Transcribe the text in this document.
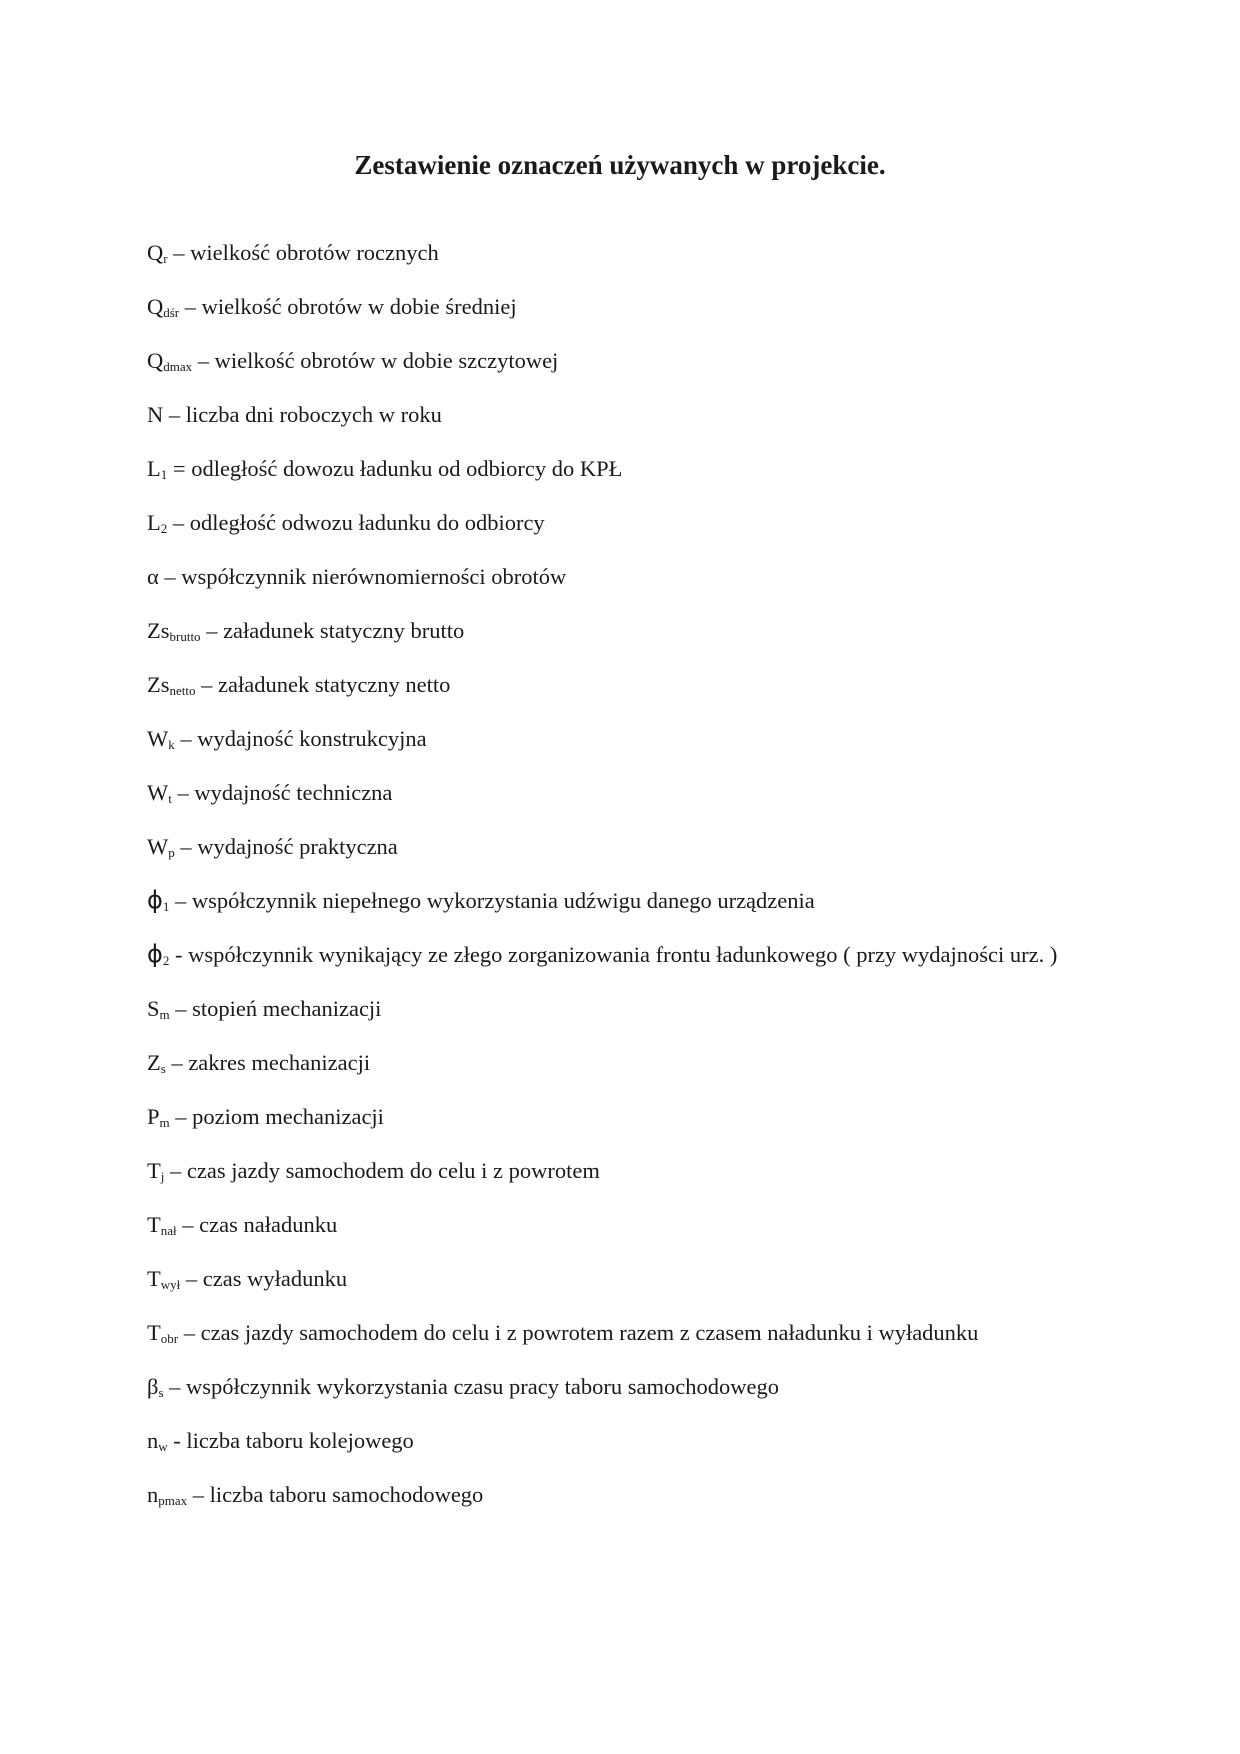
Zestawienie oznaczeń używanych w projekcie.
$Q_r$ – wielkość obrotów rocznych
$Q_{dśr}$ – wielkość obrotów w dobie średniej
$Q_{dmax}$ – wielkość obrotów w dobie szczytowej
N – liczba dni roboczych w roku
$L_1$ = odległość dowozu ładunku od odbiorcy do KPŁ
$L_2$ – odległość odwozu ładunku do odbiorcy
α – współczynnik nierównomierności obrotów
$Zs_{brutto}$ – załadunek statyczny brutto
$Zs_{netto}$ – załadunek statyczny netto
$W_k$ – wydajność konstrukcyjna
$W_t$ – wydajność techniczna
$W_p$ – wydajność praktyczna
$\phi_1$ – współczynnik niepełnego wykorzystania udźwigu danego urządzenia
$\phi_2$ - współczynnik wynikający ze złego zorganizowania frontu ładunkowego ( przy wydajności urz. )
$S_m$ – stopień mechanizacji
$Z_s$ – zakres mechanizacji
$P_m$ – poziom mechanizacji
$T_j$ – czas jazdy samochodem do celu i z powrotem
$T_{nał}$ – czas naładunku
$T_{wył}$ – czas wyładunku
$T_{obr}$ – czas jazdy samochodem do celu i z powrotem razem z czasem naładunku i wyładunku
$\beta_s$ – współczynnik wykorzystania czasu pracy taboru samochodowego
$n_w$ - liczba taboru kolejowego
$n_{pmax}$ – liczba taboru samochodowego
